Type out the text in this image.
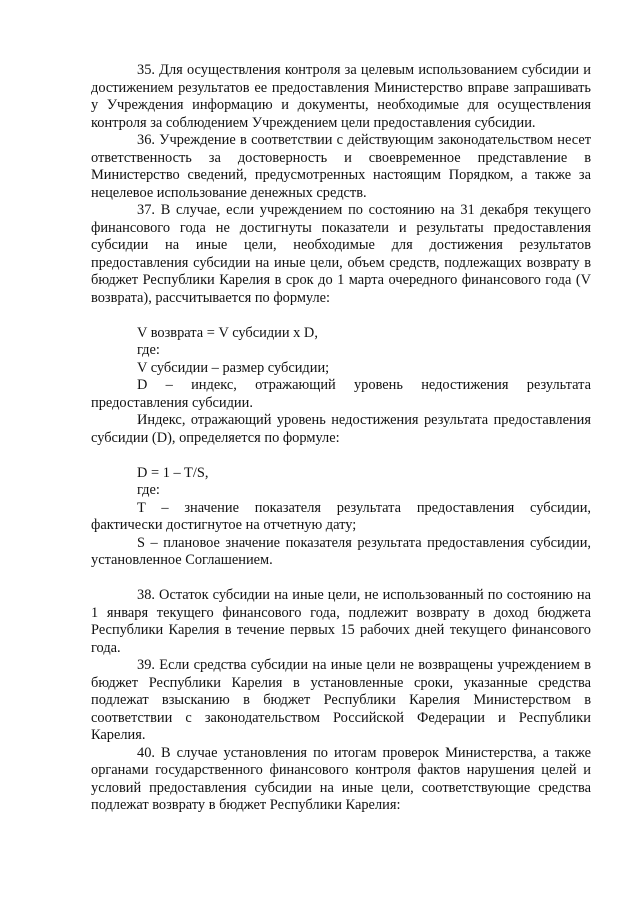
35. Для осуществления контроля за целевым использованием субсидии и достижением результатов ее предоставления Министерство вправе запрашивать у Учреждения информацию и документы, необходимые для осуществления контроля за соблюдением Учреждением цели предоставления субсидии.

36. Учреждение в соответствии с действующим законодательством несет ответственность за достоверность и своевременное представление в Министерство сведений, предусмотренных настоящим Порядком, а также за нецелевое использование денежных средств.

37. В случае, если учреждением по состоянию на 31 декабря текущего финансового года не достигнуты показатели и результаты предоставления субсидии на иные цели, необходимые для достижения результатов предоставления субсидии на иные цели, объем средств, подлежащих возврату в бюджет Республики Карелия в срок до 1 марта очередного финансового года (V возврата), рассчитывается по формуле:

V возврата = V субсидии x D,

где:

V субсидии – размер субсидии;

D – индекс, отражающий уровень недостижения результата предоставления субсидии.

Индекс, отражающий уровень недостижения результата предоставления субсидии (D), определяется по формуле:

D = 1 – T/S,

где:

T – значение показателя результата предоставления субсидии, фактически достигнутое на отчетную дату;

S – плановое значение показателя результата предоставления субсидии, установленное Соглашением.

38. Остаток субсидии на иные цели, не использованный по состоянию на 1 января текущего финансового года, подлежит возврату в доход бюджета Республики Карелия в течение первых 15 рабочих дней текущего финансового года.

39. Если средства субсидии на иные цели не возвращены учреждением в бюджет Республики Карелия в установленные сроки, указанные средства подлежат взысканию в бюджет Республики Карелия Министерством в соответствии с законодательством Российской Федерации и Республики Карелия.

40. В случае установления по итогам проверок Министерства, а также органами государственного финансового контроля фактов нарушения целей и условий предоставления субсидии на иные цели, соответствующие средства подлежат возврату в бюджет Республики Карелия:
